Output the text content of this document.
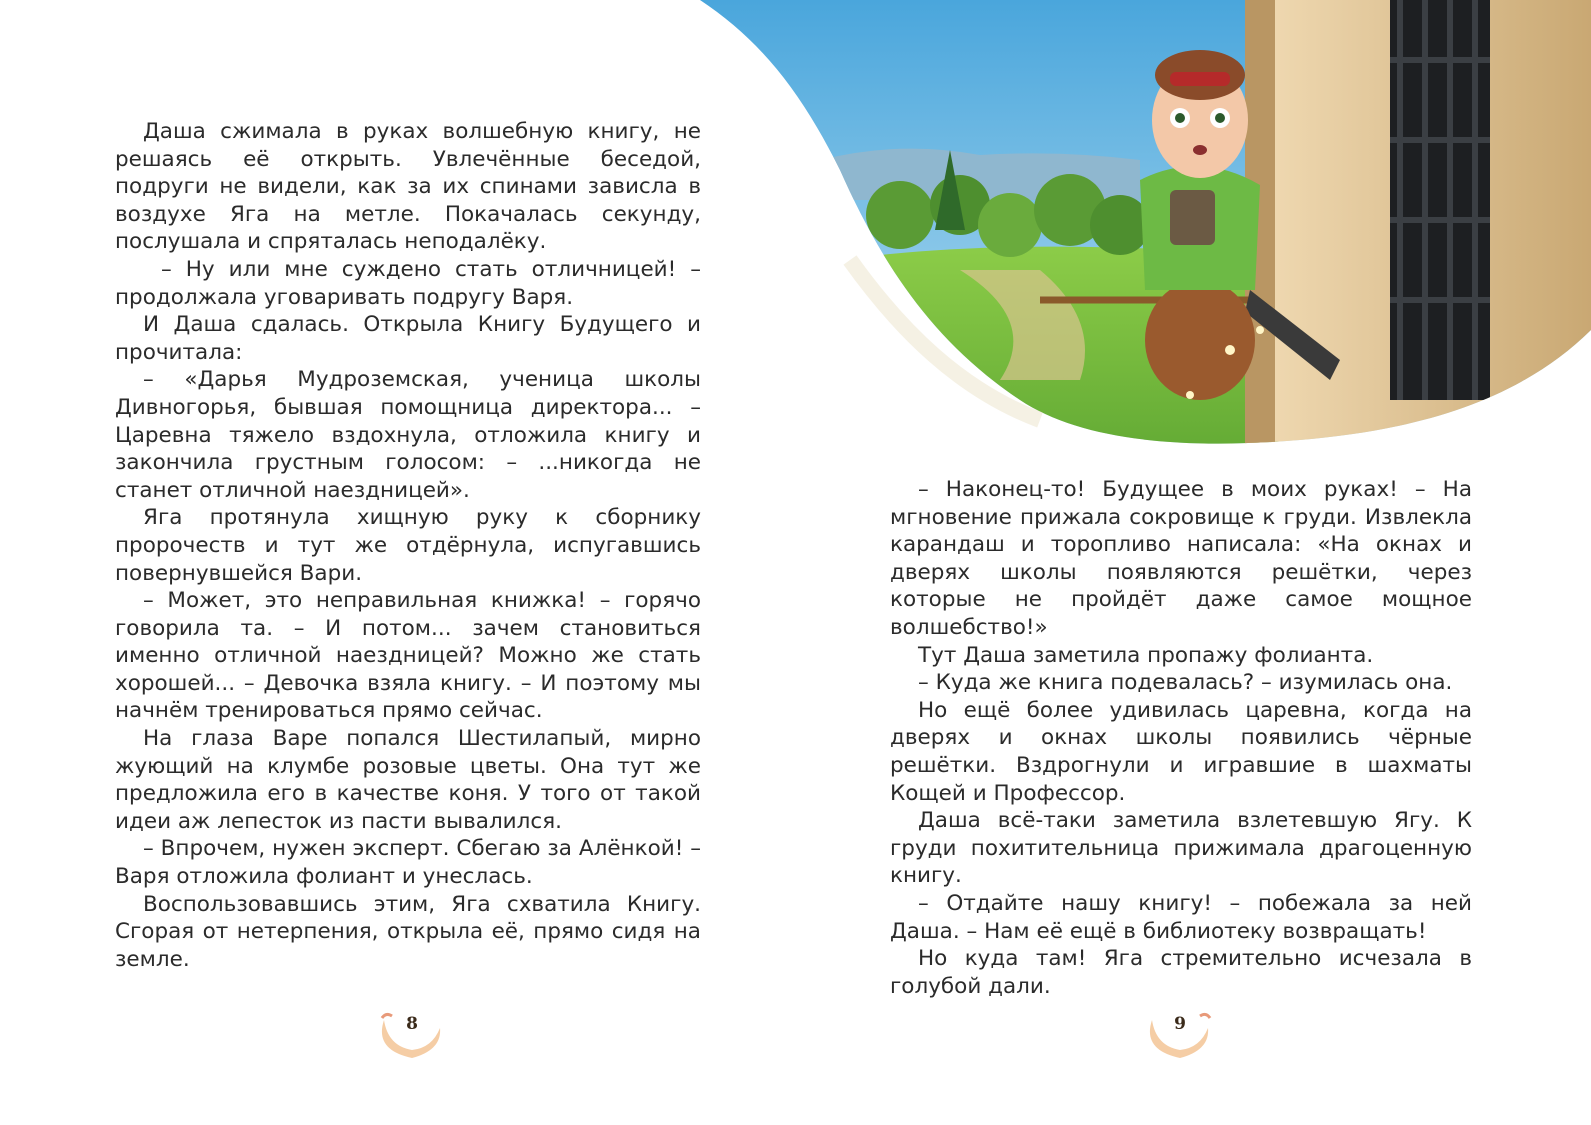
Даша сжимала в руках волшебную книгу, не решаясь её открыть. Увлечённые беседой, подруги не видели, как за их спинами зависла в воздухе Яга на метле. Покачалась секунду, послушала и спряталась неподалёку.

– Ну или мне суждено стать отличницей! – продолжала уговаривать подругу Варя.

И Даша сдалась. Открыла Книгу Будущего и прочитала:

– «Дарья Мудроземская, ученица школы Дивногорья, бывшая помощница директора... – Царевна тяжело вздохнула, отложила книгу и закончила грустным голосом: – ...никогда не станет отличной наездницей».

Яга протянула хищную руку к сборнику пророчеств и тут же отдёрнула, испугавшись повернувшейся Вари.

– Может, это неправильная книжка! – горячо говорила та. – И потом... зачем становиться именно отличной наездницей? Можно же стать хорошей... – Девочка взяла книгу. – И поэтому мы начнём тренироваться прямо сейчас.

На глаза Варе попался Шестилапый, мирно жующий на клумбе розовые цветы. Она тут же предложила его в качестве коня. У того от такой идеи аж лепесток из пасти вывалился.

– Впрочем, нужен эксперт. Сбегаю за Алёнкой! – Варя отложила фолиант и унеслась.

Воспользовавшись этим, Яга схватила Книгу. Сгорая от нетерпения, открыла её, прямо сидя на земле.

8

– Наконец-то! Будущее в моих руках! – На мгновение прижала сокровище к груди. Извлекла карандаш и торопливо написала: «На окнах и дверях школы появляются решётки, через которые не пройдёт даже самое мощное волшебство!»

Тут Даша заметила пропажу фолианта.

– Куда же книга подевалась? – изумилась она.

Но ещё более удивилась царевна, когда на дверях и окнах школы появились чёрные решётки. Вздрогнули и игравшие в шахматы Кощей и Профессор.

Даша всё-таки заметила взлетевшую Ягу. К груди похитительница прижимала драгоценную книгу.

– Отдайте нашу книгу! – побежала за ней Даша. – Нам её ещё в библиотеку возвращать!

Но куда там! Яга стремительно исчезала в голубой дали.

9
